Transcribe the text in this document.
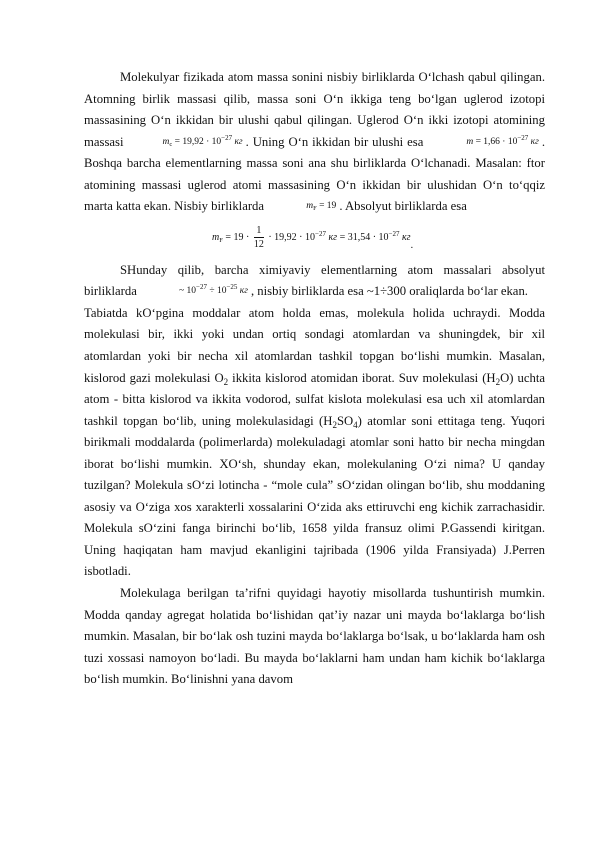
Molekulyar fizikada atom massa sonini nisbiy birliklarda O‘lchash qabul qilingan. Atomning birlik massasi qilib, massa soni O‘n ikkiga teng bo‘lgan uglerod izotopi massasining O‘n ikkidan bir ulushi qabul qilingan. Uglerod O‘n ikki izotopi atomining massasi	$m_c = 19,92 \cdot 10^{-27}$ кг . Uning O‘n ikkidan bir ulushi esa	$m = 1,66 \cdot 10^{-27}$ кг . Boshqa barcha elementlarning massa soni ana shu birliklarda O‘lchanadi. Masalan: ftor atomining massasi uglerod atomi massasining O‘n ikkidan bir ulushidan O‘n to‘qqiz marta katta ekan. Nisbiy birliklarda	$m_F = 19$ . Absolyut birliklarda esa

$m_F = 19 \cdot \frac{1}{12} \cdot 19,92 \cdot 10^{-27}$ кг = $31,54 \cdot 10^{-27}$ кг.

SHunday qilib, barcha ximiyaviy elementlarning atom massalari absolyut birliklarda	~ $10^{-27} \div 10^{-25}$ кг , nisbiy birliklarda esa ~1÷300 oraliqlarda bo‘lar ekan.

Tabiatda kO‘pgina moddalar atom holda emas, molekula holida uchraydi. Modda molekulasi bir, ikki yoki undan ortiq sondagi atomlardan va shuningdek, bir xil atomlardan yoki bir necha xil atomlardan tashkil topgan bo‘lishi mumkin. Masalan, kislorod gazi molekulasi $O_2$ ikkita kislorod atomidan iborat. Suv molekulasi $(H_2O)$ uchta atom - bitta kislorod va ikkita vodorod, sulfat kislota molekulasi esa uch xil atomlardan tashkil topgan bo‘lib, uning molekulasidagi $(H_2SO_4)$ atomlar soni ettitaga teng. Yuqori birikmali moddalarda (polimerlarda) molekuladagi atomlar soni hatto bir necha mingdan iborat bo‘lishi mumkin. XO‘sh, shunday ekan, molekulaning O‘zi nima? U qanday tuzilgan? Molekula sO‘zi lotincha - “mole cula” sO‘zidan olingan bo‘lib, shu moddaning asosiy va O‘ziga xos xarakterli xossalarini O‘zida aks ettiruvchi eng kichik zarrachasidir. Molekula sO‘zini fanga birinchi bo‘lib, 1658 yilda fransuz olimi P.Gassendi kiritgan. Uning haqiqatan ham mavjud ekanligini tajribada (1906 yilda Fransiyada) J.Perren isbotladi.

Molekulaga berilgan ta’rifni quyidagi hayotiy misollarda tushuntirish mumkin. Modda qanday agregat holatida bo‘lishidan qat’iy nazar uni mayda bo‘laklarga bo‘lish mumkin. Masalan, bir bo‘lak osh tuzini mayda bo‘laklarga bo‘lsak, u bo‘laklarda ham osh tuzi xossasi namoyon bo‘ladi. Bu mayda bo‘laklarni ham undan ham kichik bo‘laklarga bo‘lish mumkin. Bo‘linishni yana davom
